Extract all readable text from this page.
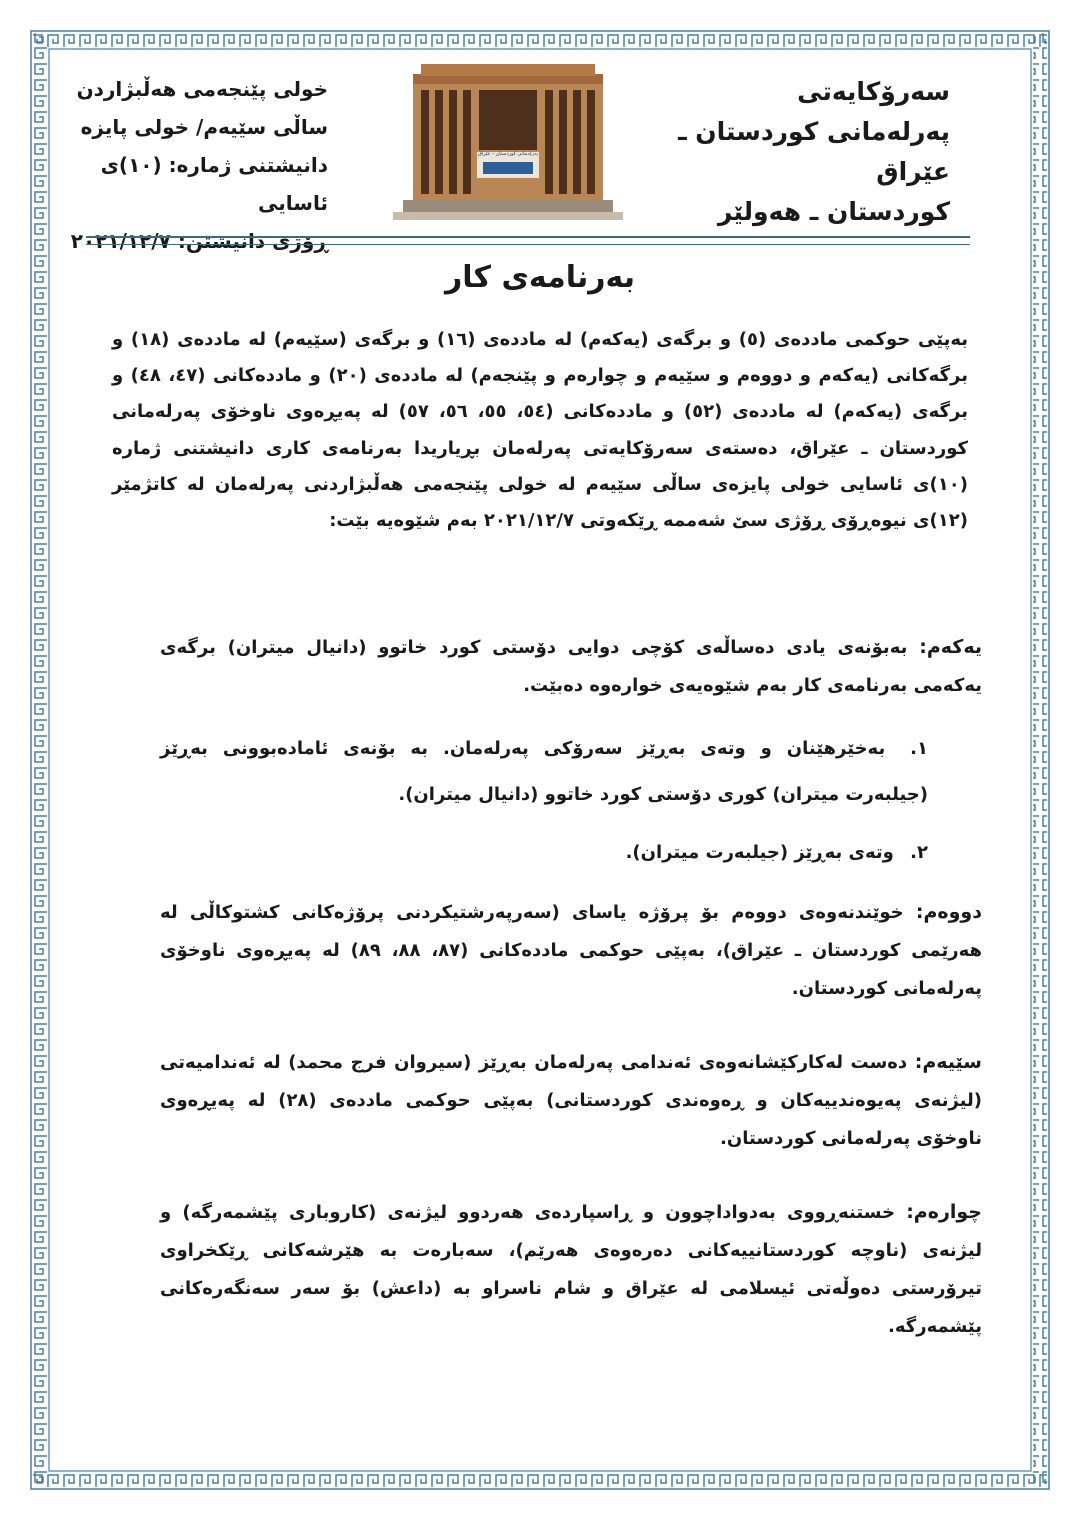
سەرۆکایەتی
پەرلەمانی کوردستان ـ عێراق
کوردستان ـ هەولێر
پەرلەمانی کوردستان - عێراق
خولی پێنجەمی هەڵبژاردن
ساڵی سێیەم/ خولی پایزە
دانیشتنی ژمارە: (١٠)ی ئاسایی
ڕۆژی دانیشتن: ٢٠٢١/١٢/٧
بەرنامەی کار
بەپێی حوکمی ماددەی (٥) و برگەی (یەکەم) لە ماددەی (١٦) و برگەی (سێیەم) لە ماددەی (١٨) و برگەکانی (یەکەم و دووەم و سێیەم و چوارەم و پێنجەم) لە ماددەی (٢٠) و ماددەکانی (٤٧، ٤٨) و برگەی (یەکەم) لە ماددەی (٥٢) و ماددەکانی (٥٤، ٥٥، ٥٦، ٥٧) لە پەیڕەوی ناوخۆی پەرلەمانی کوردستان ـ عێراق، دەستەی سەرۆکایەتی پەرلەمان بڕیاریدا بەرنامەی کاری دانیشتنی ژمارە (١٠)ی ئاسایی خولی پایزەی ساڵی سێیەم لە خولی پێنجەمی هەڵبژاردنی پەرلەمان لە کاتژمێر (١٢)ی نیوەڕۆی ڕۆژی سێ شەممە ڕێکەوتی ٢٠٢١/١٢/٧ بەم شێوەیە بێت:
یەکەم: بەبۆنەی یادی دەساڵەی کۆچی دوایی دۆستی کورد خاتوو (دانیال میتران) برگەی یەکەمی بەرنامەی کار بەم شێوەیەی خوارەوە دەبێت.
١. بەخێرهێنان و وتەی بەڕێز سەرۆکی پەرلەمان. بە بۆنەی ئامادەبوونی بەڕێز (جیلبەرت میتران) کوری دۆستی کورد خاتوو (دانیال میتران).
٢. وتەی بەڕێز (جیلبەرت میتران).
دووەم: خوێندنەوەی دووەم بۆ پرۆژە یاسای (سەرپەرشتیکردنی پرۆژەکانی کشتوکاڵی لە هەرێمی کوردستان ـ عێراق)، بەپێی حوکمی ماددەکانی (٨٧، ٨٨، ٨٩) لە پەیڕەوی ناوخۆی پەرلەمانی کوردستان.
سێیەم: دەست لەکارکێشانەوەی ئەندامی پەرلەمان بەڕێز (سیروان فرج محمد) لە ئەندامیەتی (لیژنەی پەیوەندییەکان و ڕەوەندی کوردستانی) بەپێی حوکمی ماددەی (٢٨) لە پەیڕەوی ناوخۆی پەرلەمانی کوردستان.
چوارەم: خستنەڕووی بەدواداچوون و ڕاسپاردەی هەردوو لیژنەی (کاروباری پێشمەرگە) و لیژنەی (ناوچە کوردستانییەکانی دەرەوەی هەرێم)، سەبارەت بە هێرشەکانی ڕێکخراوی تیرۆرستی دەوڵەتی ئیسلامی لە عێراق و شام ناسراو بە (داعش) بۆ سەر سەنگەرەکانی پێشمەرگە.
